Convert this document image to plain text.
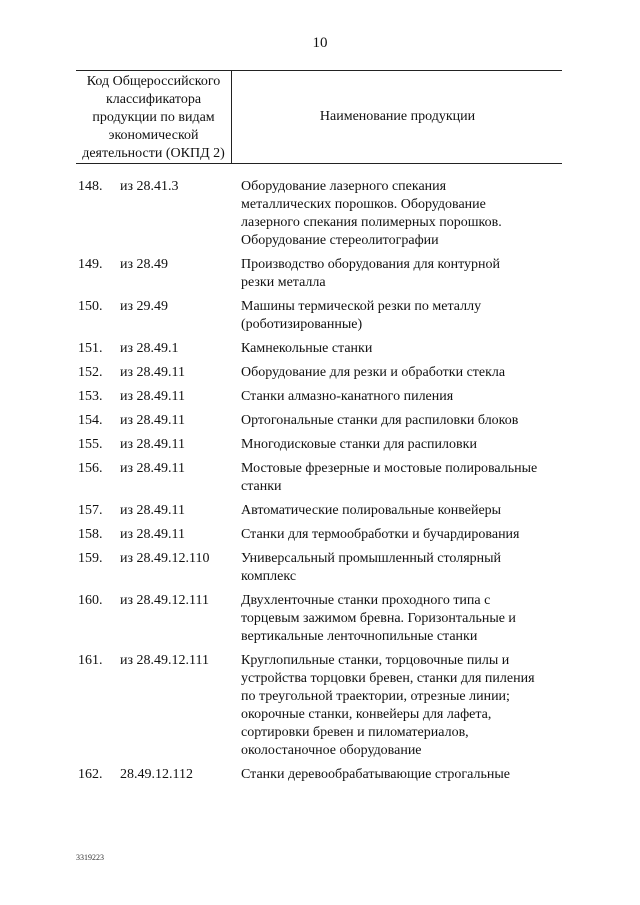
10
Код Общероссийского
классификатора
продукции по видам
экономической
деятельности (ОКПД 2)
Наименование продукции
148.	из 28.41.3	Оборудование лазерного спекания
металлических порошков. Оборудование
лазерного спекания полимерных порошков.
Оборудование стереолитографии
149.	из 28.49	Производство оборудования для контурной
резки металла
150.	из 29.49	Машины термической резки по металлу
(роботизированные)
151.	из 28.49.1	Камнекольные станки
152.	из 28.49.11	Оборудование для резки и обработки стекла
153.	из 28.49.11	Станки алмазно-канатного пиления
154.	из 28.49.11	Ортогональные станки для распиловки блоков
155.	из 28.49.11	Многодисковые станки для распиловки
156.	из 28.49.11	Мостовые фрезерные и мостовые полировальные
станки
157.	из 28.49.11	Автоматические полировальные конвейеры
158.	из 28.49.11	Станки для термообработки и бучардирования
159.	из 28.49.12.110	Универсальный промышленный столярный
комплекс
160.	из 28.49.12.111	Двухленточные станки проходного типа с
торцевым зажимом бревна. Горизонтальные и
вертикальные ленточнопильные станки
161.	из 28.49.12.111	Круглопильные станки, торцовочные пилы и
устройства торцовки бревен, станки для пиления
по треугольной траектории, отрезные линии;
окорочные станки, конвейеры для лафета,
сортировки бревен и пиломатериалов,
околостаночное оборудование
162.	28.49.12.112	Станки деревообрабатывающие строгальные
3319223
